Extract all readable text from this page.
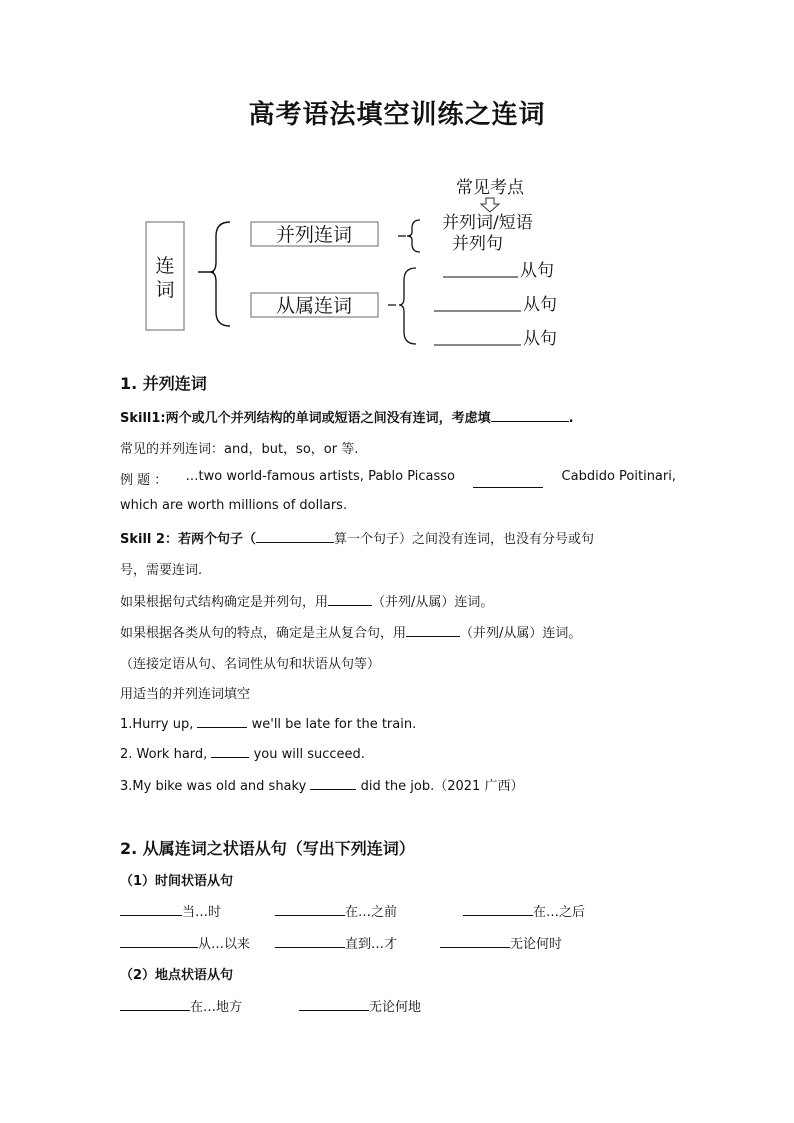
高考语法填空训练之连词
连
词
并列连词
从属连词
常见考点
并列词/短语
并列句
从句
从句
从句
1. 并列连词
Skill1:两个或几个并列结构的单词或短语之间没有连词，考虑填	.
常见的并列连词：and，but，so，or 等.
例 题 ： …two world-famous artists, Pablo Picasso	Cabdido Poitinari,
which are worth millions of dollars.
Skill 2：若两个句子（	算一个句子）之间没有连词，也没有分号或句
号，需要连词.
如果根据句式结构确定是并列句，用	（并列/从属）连词。
如果根据各类从句的特点，确定是主从复合句，用	（并列/从属）连词。
（连接定语从句、名词性从句和状语从句等）
用适当的并列连词填空
1.Hurry up,	we'll be late for the train.
2. Work hard,	you will succeed.
3.My bike was old and shaky	did the job.（2021 广西）
2. 从属连词之状语从句（写出下列连词）
（1）时间状语从句
当…时	在…之前	在…之后
从…以来	直到…才	无论何时
（2）地点状语从句
在…地方	无论何地
